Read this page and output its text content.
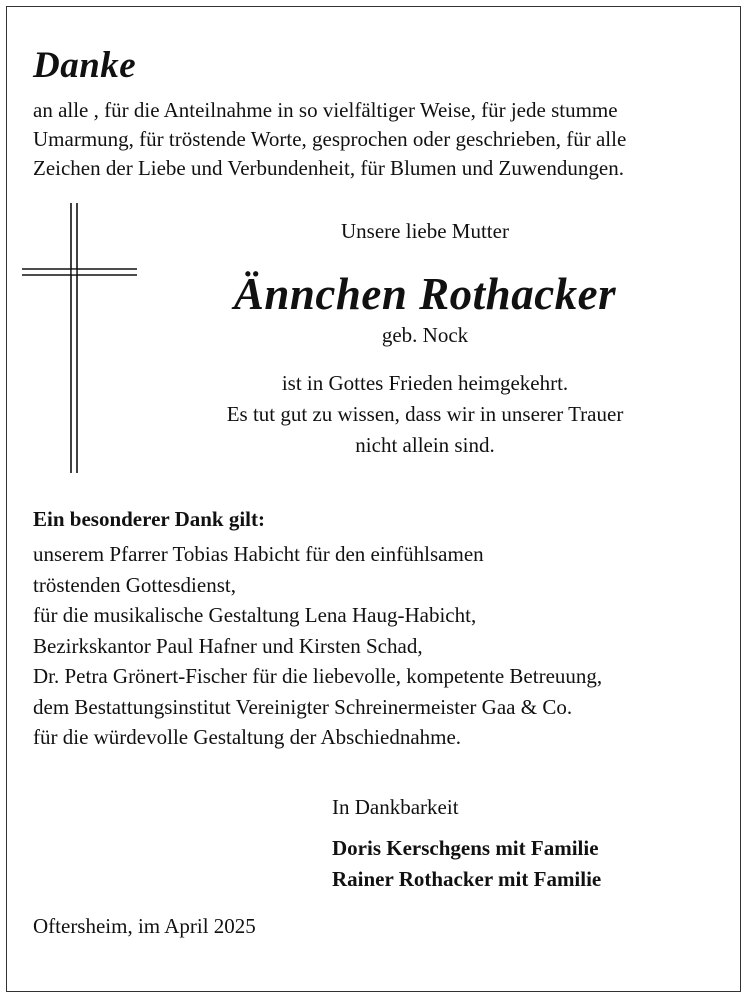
Danke

an alle , für die Anteilnahme in so vielfältiger Weise, für jede stumme
Umarmung, für tröstende Worte, gesprochen oder geschrieben, für alle
Zeichen der Liebe und Verbundenheit, für Blumen und Zuwendungen.

Unsere liebe Mutter

Ännchen Rothacker

geb. Nock

ist in Gottes Frieden heimgekehrt.
Es tut gut zu wissen, dass wir in unserer Trauer
nicht allein sind.

Ein besonderer Dank gilt:

unserem Pfarrer Tobias Habicht für den einfühlsamen
tröstenden Gottesdienst,
für die musikalische Gestaltung Lena Haug-Habicht,
Bezirkskantor Paul Hafner und Kirsten Schad,
Dr. Petra Grönert-Fischer für die liebevolle, kompetente Betreuung,
dem Bestattungsinstitut Vereinigter Schreinermeister Gaa & Co.
für die würdevolle Gestaltung der Abschiednahme.

In Dankbarkeit

Doris Kerschgens mit Familie
Rainer Rothacker mit Familie

Oftersheim, im April 2025
